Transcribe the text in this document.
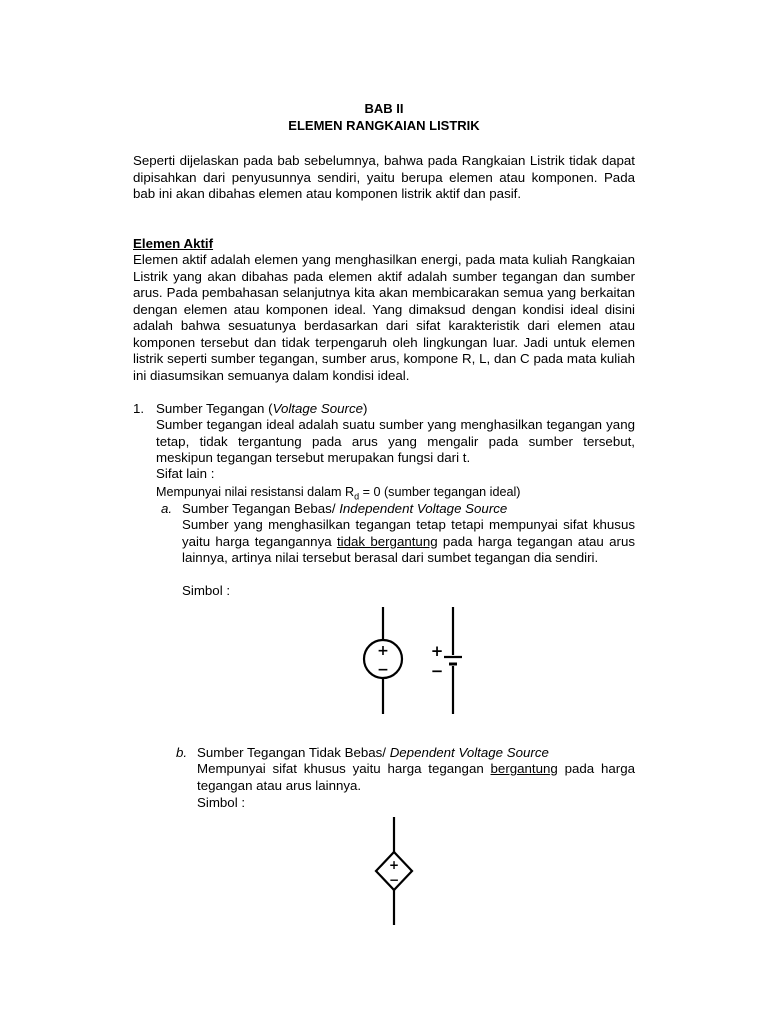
BAB II
ELEMEN RANGKAIAN LISTRIK
Seperti dijelaskan pada bab sebelumnya, bahwa pada Rangkaian Listrik tidak dapat dipisahkan dari penyusunnya sendiri, yaitu berupa elemen atau komponen. Pada bab ini akan dibahas elemen atau komponen listrik aktif dan pasif.
Elemen Aktif
Elemen aktif adalah elemen yang menghasilkan energi, pada mata kuliah Rangkaian Listrik yang akan dibahas pada elemen aktif adalah sumber tegangan dan sumber arus. Pada pembahasan selanjutnya kita akan membicarakan semua yang berkaitan dengan elemen atau komponen ideal. Yang dimaksud dengan kondisi ideal disini adalah bahwa sesuatunya berdasarkan dari sifat karakteristik dari elemen atau komponen tersebut dan tidak terpengaruh oleh lingkungan luar. Jadi untuk elemen listrik seperti sumber tegangan, sumber arus, kompone R, L, dan C pada mata kuliah ini diasumsikan semuanya dalam kondisi ideal.
1. Sumber Tegangan (Voltage Source)
Sumber tegangan ideal adalah suatu sumber yang menghasilkan tegangan yang tetap, tidak tergantung pada arus yang mengalir pada sumber tersebut, meskipun tegangan tersebut merupakan fungsi dari t.
Sifat lain :
Mempunyai nilai resistansi dalam $R_d = 0$ (sumber tegangan ideal)
a. Sumber Tegangan Bebas/ Independent Voltage Source
Sumber yang menghasilkan tegangan tetap tetapi mempunyai sifat khusus yaitu harga tegangannya tidak bergantung pada harga tegangan atau arus lainnya, artinya nilai tersebut berasal dari sumbet tegangan dia sendiri.
Simbol :
+
−
+
−
b. Sumber Tegangan Tidak Bebas/ Dependent Voltage Source
Mempunyai sifat khusus yaitu harga tegangan bergantung pada harga tegangan atau arus lainnya.
Simbol :
+
−
